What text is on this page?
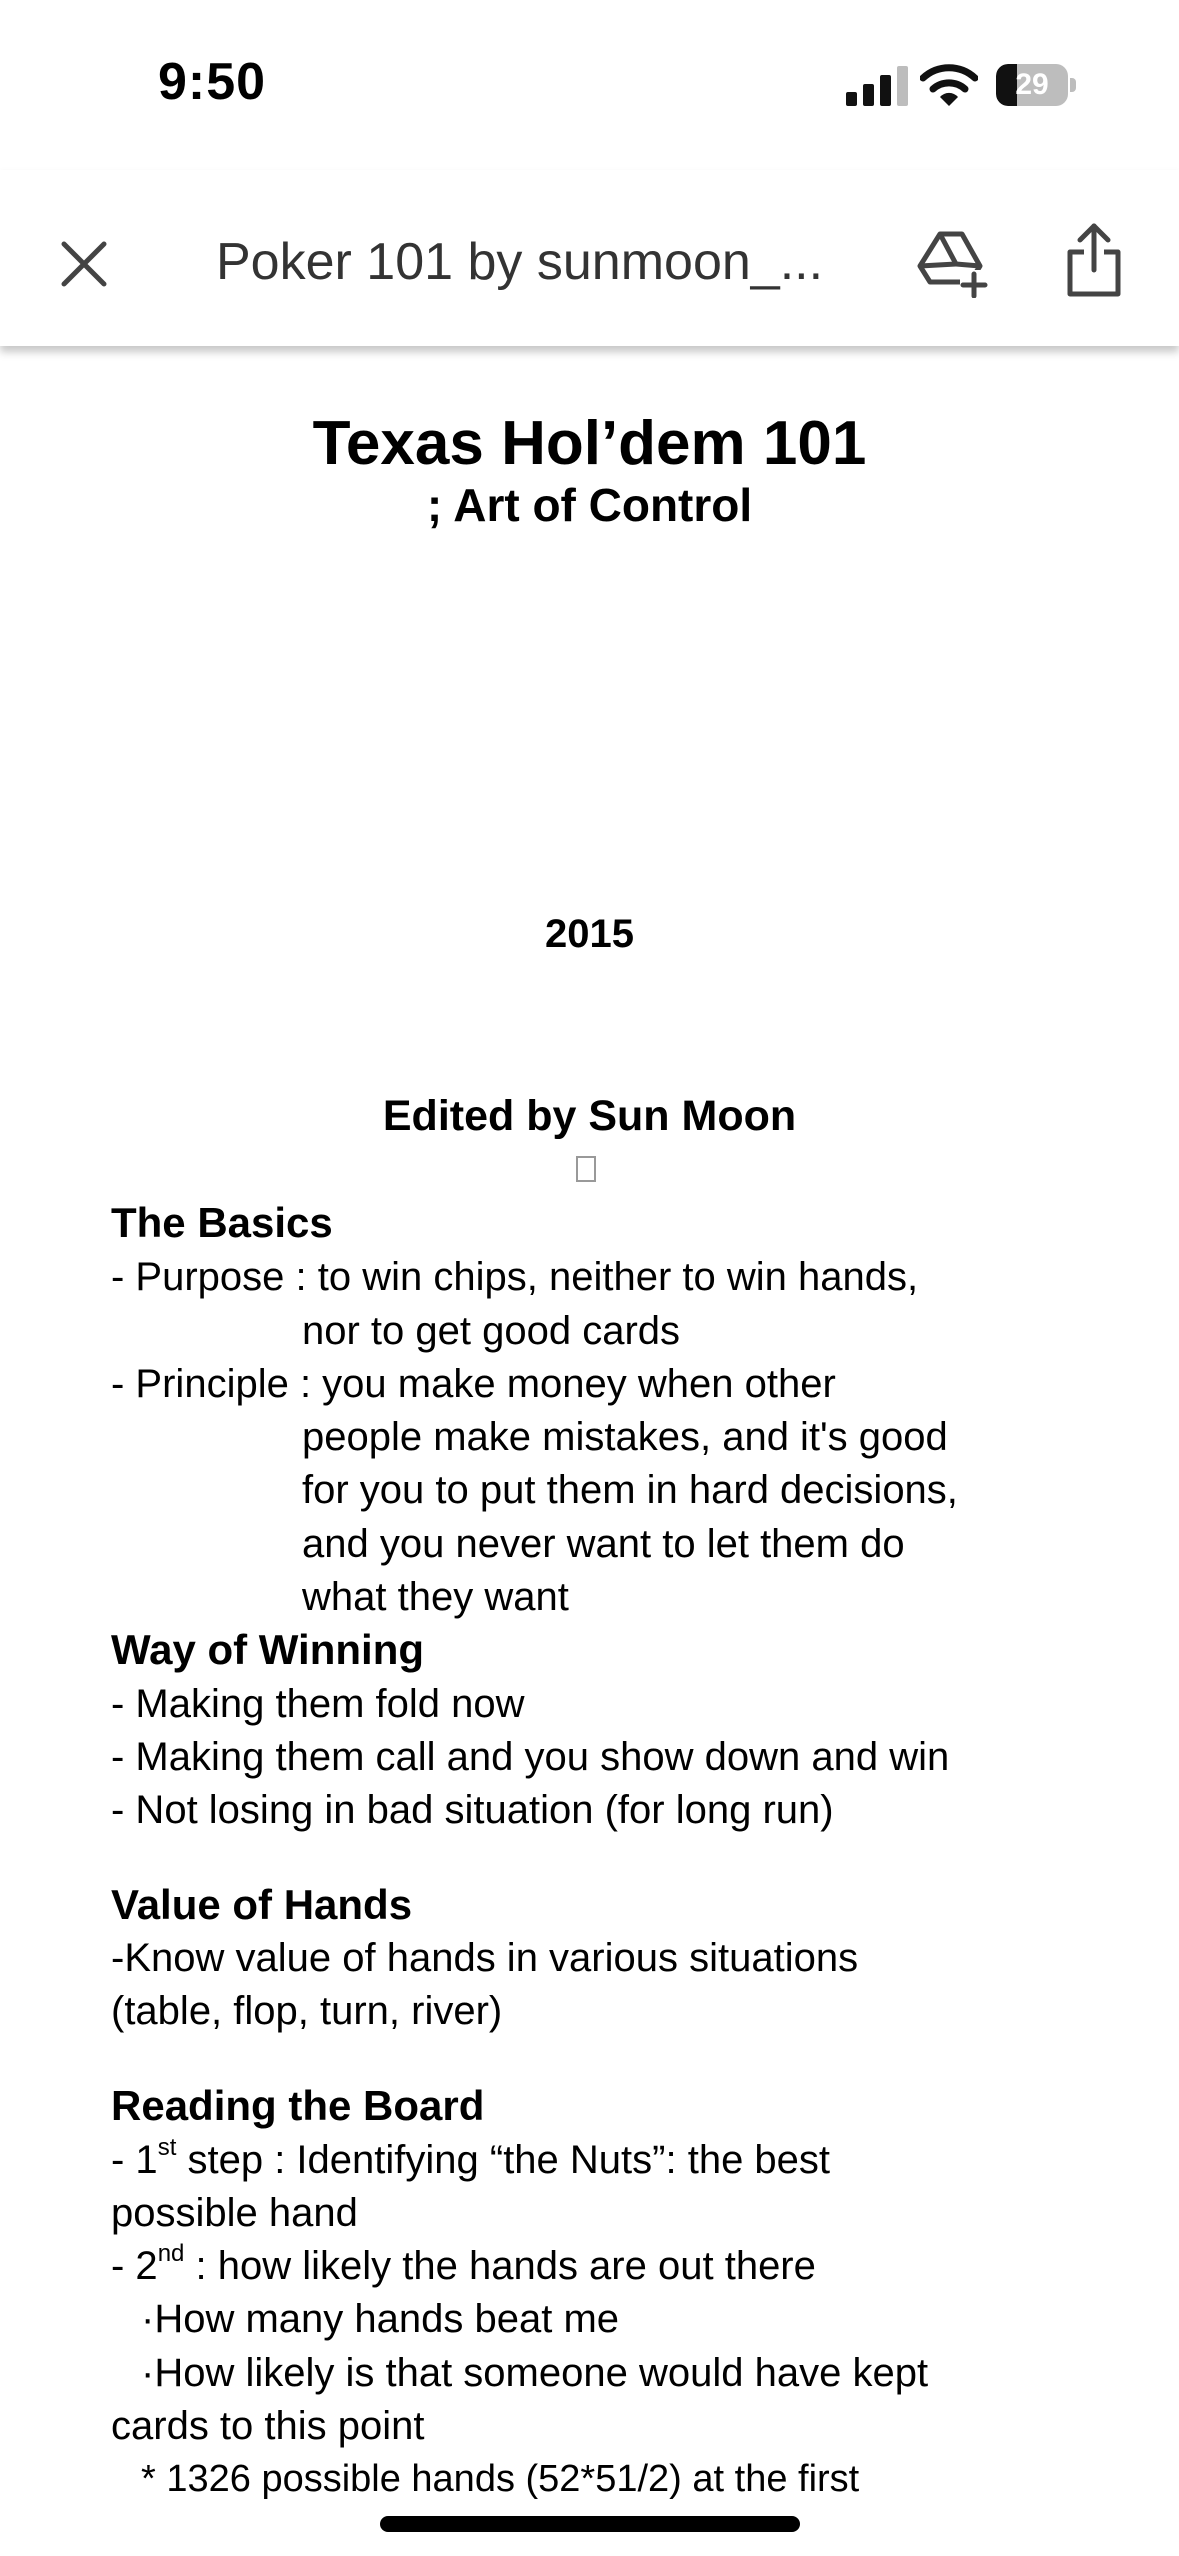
9:50	29
Poker 101 by sunmoon_...
Texas Hol’dem 101
; Art of Control
2015
Edited by Sun Moon
The Basics
- Purpose : to win chips, neither to win hands,
nor to get good cards
- Principle : you make money when other
people make mistakes, and it's good
for you to put them in hard decisions,
and you never want to let them do
what they want
Way of Winning
- Making them fold now
- Making them call and you show down and win
- Not losing in bad situation (for long run)
Value of Hands
-Know value of hands in various situations
(table, flop, turn, river)
Reading the Board
- 1st step : Identifying “the Nuts”: the best
possible hand
- 2nd : how likely the hands are out there
·How many hands beat me
·How likely is that someone would have kept
cards to this point
* 1326 possible hands (52*51/2) at the first
